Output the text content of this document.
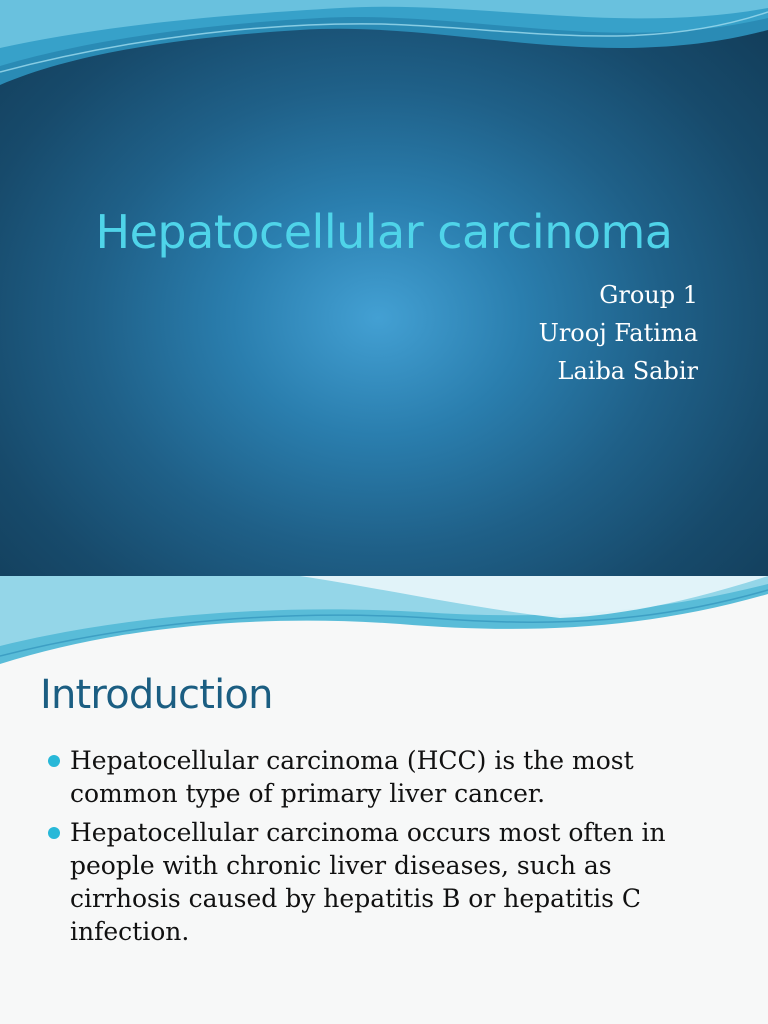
Hepatocellular carcinoma
Group 1
Urooj Fatima
Laiba Sabir
Introduction
Hepatocellular carcinoma (HCC) is the most common type of primary liver cancer.
Hepatocellular carcinoma occurs most often in people with chronic liver diseases, such as cirrhosis caused by hepatitis B or hepatitis C infection.
